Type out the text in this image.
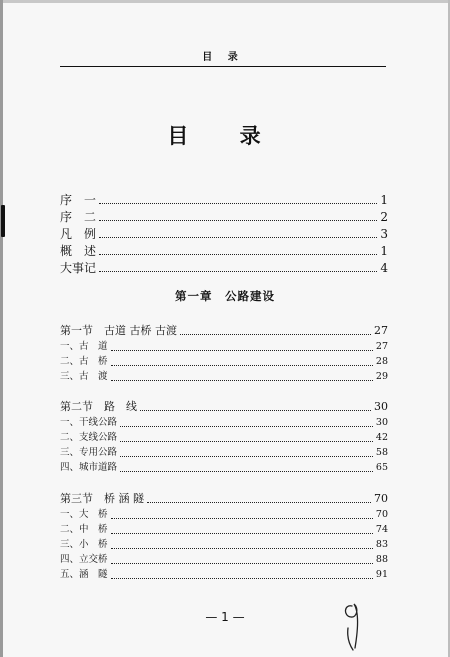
目 录
目 录
序　一	1
序　二	2
凡　例	3
概　述	1
大事记	4
第一章　公路建设
第一节　古道 古桥 古渡	27
一、古　道	27
二、古　桥	28
三、古　渡	29
第二节　路　线	30
一、干线公路	30
二、支线公路	42
三、专用公路	58
四、城市道路	65
第三节　桥 涵 隧	70
一、大　桥	70
二、中　桥	74
三、小　桥	83
四、立交桥	88
五、涵　隧	91
— 1 —
